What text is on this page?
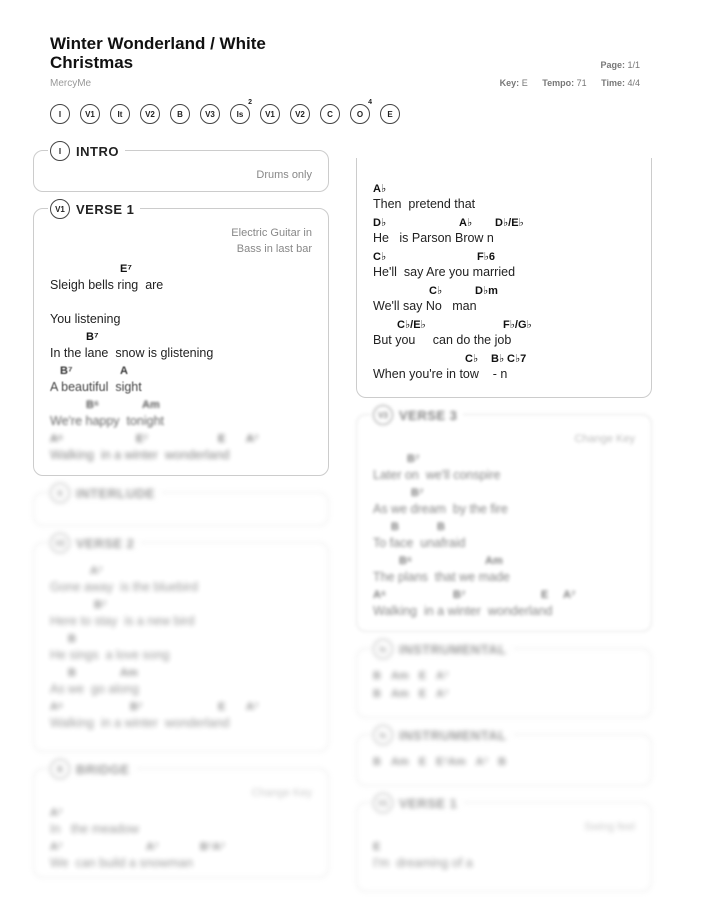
Winter Wonderland / White Christmas
MercyMe
Page: 1/1
Key: E Tempo: 71 Time: 4/4
I	V1	It	V2	B	V3	Is
2
V1	V2	C	O
4
E
I	INTRO
Drums only
V1 VERSE 1
Electric Guitar in
Bass in last bar
E⁷
Sleigh bells ring  are
You listening
B⁷
In the lane  snow is glistening
B⁷	A
A beautiful  sight
B⁶	Am
We're happy  tonight
A⁶	E⁷	E A⁷
Walking  in a winter  wonderland
It	INTERLUDE
V2 VERSE 2
A⁷
Gone away  is the bluebird
B⁷
Here to stay  is a new bird
B
He sings  a love song
B	Am
As we  go along
A⁶	B⁷	E A⁷
Walking  in a winter  wonderland
B	BRIDGE
Change Key
A⁷
In   the meadow
A⁷	A⁷	B⁷A⁷
We  can build a snowman
A♭
Then  pretend that
D♭	A♭ D♭/E♭
He   is Parson Brow n
C♭	F♭6
He'll  say Are you married
C♭	D♭m
We'll say No   man
C♭/E♭	F♭/G♭
But you     can do the job
C♭ B♭ C♭7
When you're in tow    - n
V3 VERSE 3
Change Key
B⁷
Later on  we'll conspire
B⁷
As we dream  by the fire
B	B
To face  unafraid
B⁶	Am
The plans  that we made
A⁶	B⁷	E A⁷
Walking  in a winter  wonderland
Is INSTRUMENTAL
B Am E A⁷
B Am E A⁷
Is INSTRUMENTAL
B Am E E⁷Am A⁷ B
V1 VERSE 1
Swing feel
E
I'm  dreaming of a
